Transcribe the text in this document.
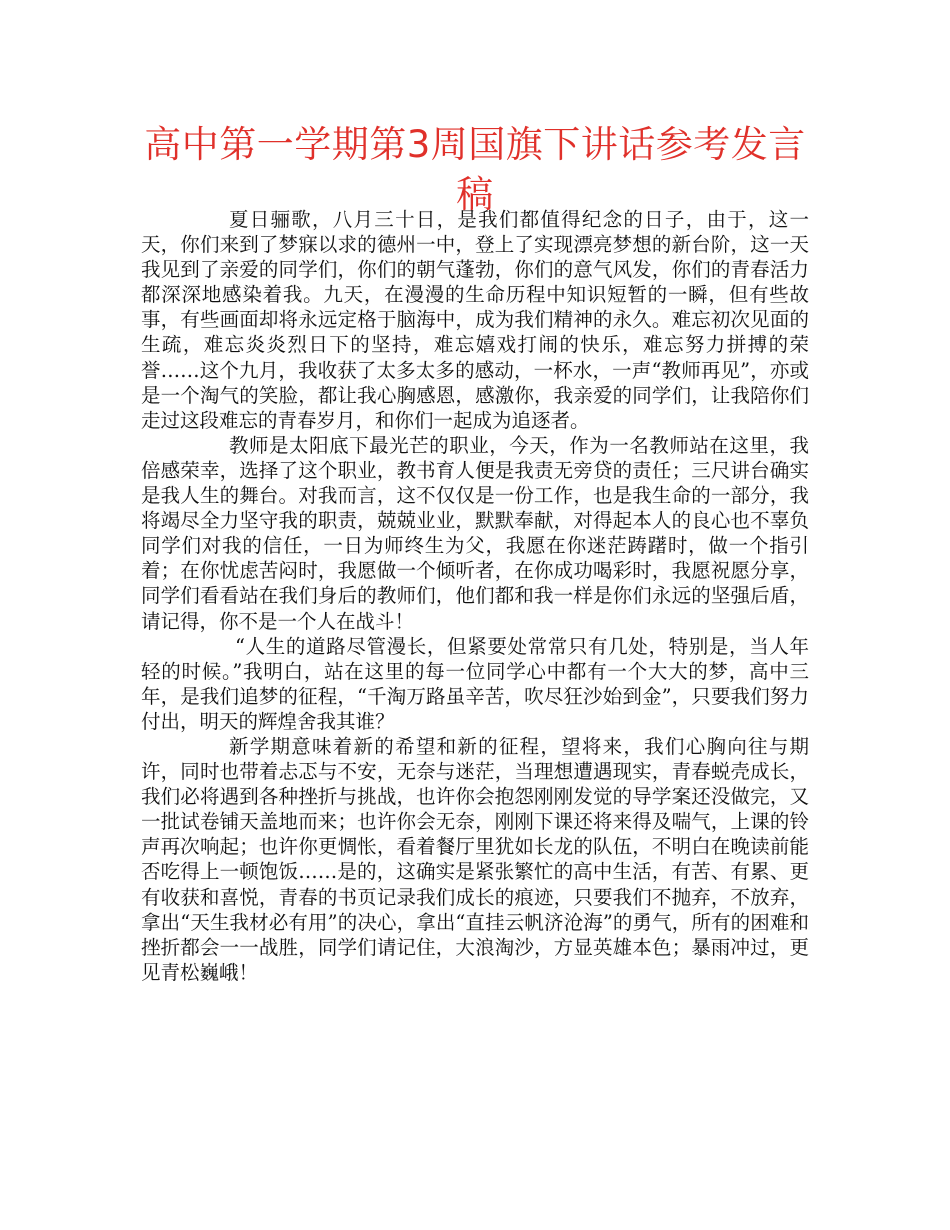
高中第一学期第3周国旗下讲话参考发言稿

夏日骊歌，八月三十日，是我们都值得纪念的日子，由于，这一天，你们来到了梦寐以求的德州一中，登上了实现漂亮梦想的新台阶，这一天我见到了亲爱的同学们，你们的朝气蓬勃，你们的意气风发，你们的青春活力都深深地感染着我。九天，在漫漫的生命历程中知识短暂的一瞬，但有些故事，有些画面却将永远定格于脑海中，成为我们精神的永久。难忘初次见面的生疏，难忘炎炎烈日下的坚持，难忘嬉戏打闹的快乐，难忘努力拼搏的荣誉……这个九月，我收获了太多太多的感动，一杯水，一声“教师再见”，亦或是一个淘气的笑脸，都让我心胸感恩，感激你，我亲爱的同学们，让我陪你们走过这段难忘的青春岁月，和你们一起成为追逐者。

教师是太阳底下最光芒的职业，今天，作为一名教师站在这里，我倍感荣幸，选择了这个职业，教书育人便是我责无旁贷的责任；三尺讲台确实是我人生的舞台。对我而言，这不仅仅是一份工作，也是我生命的一部分，我将竭尽全力坚守我的职责，兢兢业业，默默奉献，对得起本人的良心也不辜负同学们对我的信任，一日为师终生为父，我愿在你迷茫踌躇时，做一个指引着；在你忧虑苦闷时，我愿做一个倾听者，在你成功喝彩时，我愿祝愿分享，同学们看看站在我们身后的教师们，他们都和我一样是你们永远的坚强后盾，请记得，你不是一个人在战斗！

“人生的道路尽管漫长，但紧要处常常只有几处，特别是，当人年轻的时候。”我明白，站在这里的每一位同学心中都有一个大大的梦，高中三年，是我们追梦的征程，“千淘万路虽辛苦，吹尽狂沙始到金”，只要我们努力付出，明天的辉煌舍我其谁？

新学期意味着新的希望和新的征程，望将来，我们心胸向往与期许，同时也带着忐忑与不安，无奈与迷茫，当理想遭遇现实，青春蜕壳成长，我们必将遇到各种挫折与挑战，也许你会抱怨刚刚发觉的导学案还没做完，又一批试卷铺天盖地而来；也许你会无奈，刚刚下课还将来得及喘气，上课的铃声再次响起；也许你更惆怅，看着餐厅里犹如长龙的队伍，不明白在晚读前能否吃得上一顿饱饭……是的，这确实是紧张繁忙的高中生活，有苦、有累、更有收获和喜悦，青春的书页记录我们成长的痕迹，只要我们不抛弃，不放弃，拿出“天生我材必有用”的决心，拿出“直挂云帆济沧海”的勇气，所有的困难和挫折都会一一战胜，同学们请记住，大浪淘沙，方显英雄本色；暴雨冲过，更见青松巍峨！
